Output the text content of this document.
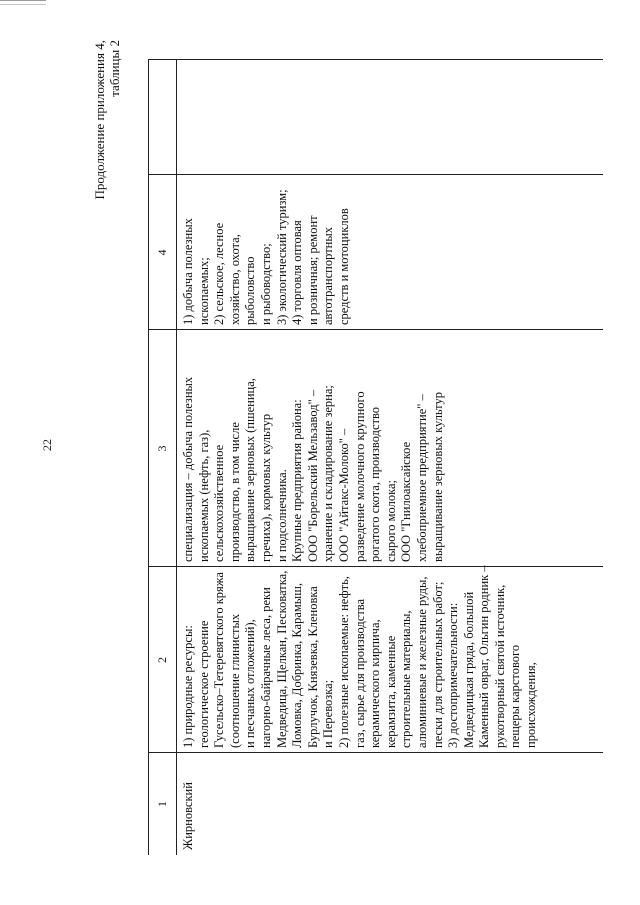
22
Продолжение приложения 4, таблицы 2
1
2
3
4
Жирновский
1) природные ресурсы: геологическое строение Гусельско–Тетеревятского кряжа (соотношение глинистых и песчаных отложений), нагорно-байрачные леса, реки Медведица, Щелкан, Песковатка, Ломовка, Добринка, Карамыш, Бурлучок, Князевка, Кленовка и Перевозка; 2) полезные ископаемые: нефть, газ, сырье для производства керамического кирпича, керамзита, каменные строительные материалы, алюминиевые и железные руды, пески для строительных работ; 3) достопримечательности: Медведицкая гряда, большой Каменный овраг, Ольгин родник – рукотворный святой источник, пещеры карстового происхождения,
специализация – добыча полезных ископаемых (нефть, газ), сельскохозяйственное производство, в том числе выращивание зерновых (пшеница, гречиха), кормовых культур и подсолнечника. Крупные предприятия района: ООО "Борельский Мельзавод" – хранение и складирование зерна; ООО "Айтакс-Молоко" – разведение молочного крупного рогатого скота, производство сырого молока; ООО "Гнилоаксайское хлебоприемное предприятие" – выращивание зерновых культур
1) добыча полезных ископаемых; 2) сельское, лесное хозяйство, охота, рыболовство и рыбоводство; 3) экологический туризм; 4) торговля оптовая и розничная; ремонт автотранспортных средств и мотоциклов
